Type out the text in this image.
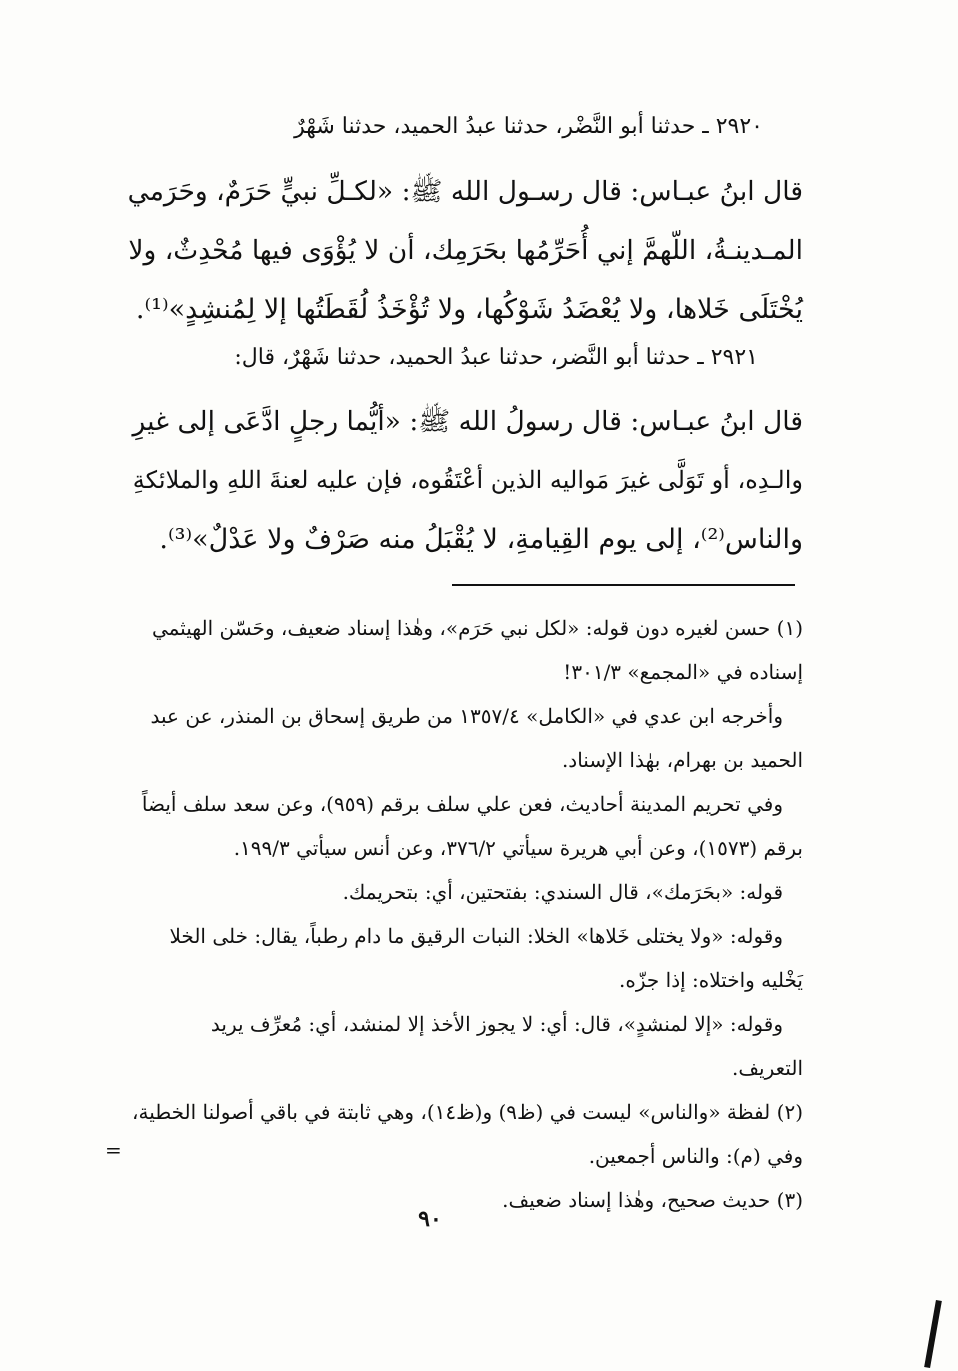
٢٩٢٠ ـ حدثنا أبو النَّضْر، حدثنا عبدُ الحميد، حدثنا شَهْرٌ
قال ابنُ عبـاس: قال رسـول الله ﷺ: «لكـلِّ نبيٍّ حَرَمٌ، وحَرَمي
المـدينـةُ، اللّهمَّ إني أُحَرِّمُها بحَرَمِك، أن لا يُؤْوَى فيها مُحْدِثٌ، ولا
يُخْتَلَى خَلاها، ولا يُعْضَدُ شَوْكُها، ولا تُؤْخَذُ لُقَطَتُها إلا لِمُنشِدٍ»⁽¹⁾.
٢٩٢١ ـ حدثنا أبو النَّضر، حدثنا عبدُ الحميد، حدثنا شَهْرٌ، قال:
قال ابنُ عبـاس: قال رسولُ الله ﷺ: «أيُّما رجلٍ ادَّعَى إلى غيرِ
والـدِه، أو تَوَلَّى غيرَ مَواليه الذين أعْتَقُوه، فإن عليه لعنةَ اللهِ والملائكةِ
والناس⁽²⁾، إلى يوم القِيامةِ، لا يُقْبَلُ منه صَرْفٌ ولا عَدْلٌ»⁽³⁾.
(١) حسن لغيره دون قوله: «لكل نبي حَرَم»، وهٰذا إسناد ضعيف، وحَسّن الهيثمي
إسناده في «المجمع» ٣٠١/٣!
وأخرجه ابن عدي في «الكامل» ١٣٥٧/٤ من طريق إسحاق بن المنذر، عن عبد
الحميد بن بهرام، بهٰذا الإسناد.
وفي تحريم المدينة أحاديث، فعن علي سلف برقم (٩٥٩)، وعن سعد سلف أيضاً
برقم (١٥٧٣)، وعن أبي هريرة سيأتي ٣٧٦/٢، وعن أنس سيأتي ١٩٩/٣.
قوله: «بحَرَمك»، قال السندي: بفتحتين، أي: بتحريمك.
وقوله: «ولا يختلى خَلاها» الخلا: النبات الرقيق ما دام رطباً، يقال: خلى الخلا
يَخْليه واختلاه: إذا جزّه.
وقوله: «إلا لمنشدٍ»، قال: أي: لا يجوز الأخذ إلا لمنشد، أي: مُعرِّف يريد
التعريف.
(٢) لفظة «والناس» ليست في (ظ٩) و(ظ١٤)، وهي ثابتة في باقي أصولنا الخطية،
وفي (م): والناس أجمعين.
(٣) حديث صحيح، وهٰذا إسناد ضعيف.
=
٩٠
